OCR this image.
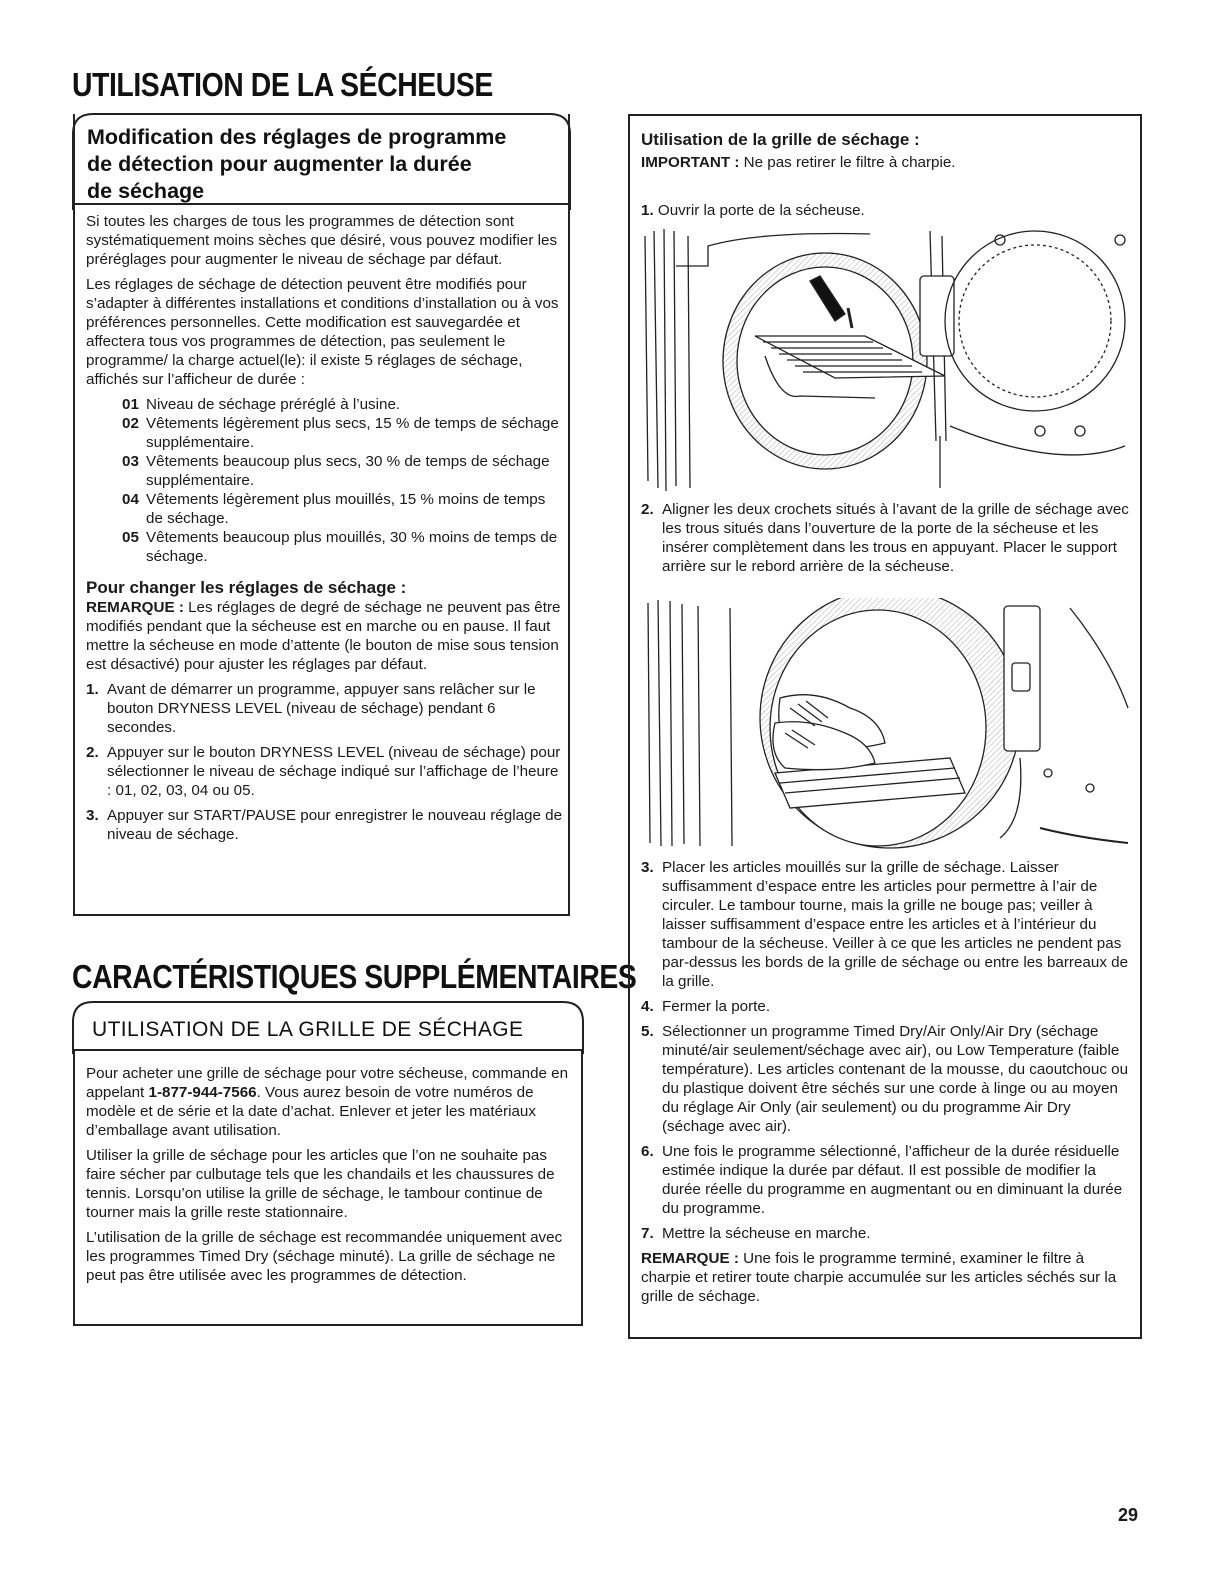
UTILISATION DE LA SÉCHEUSE
Modification des réglages de programme
de détection pour augmenter la durée
de séchage

Si toutes les charges de tous les programmes de détection sont systématiquement moins sèches que désiré, vous pouvez modifier les préréglages pour augmenter le niveau de séchage par défaut.

Les réglages de séchage de détection peuvent être modifiés pour s’adapter à différentes installations et conditions d’installation ou à vos préférences personnelles. Cette modification est sauvegardée et affectera tous vos programmes de détection, pas seulement le programme/ la charge actuel(le): il existe 5 réglages de séchage, affichés sur l’afficheur de durée :

01 Niveau de séchage préréglé à l’usine.
02 Vêtements légèrement plus secs, 15 % de temps de séchage supplémentaire.
03 Vêtements beaucoup plus secs, 30 % de temps de séchage supplémentaire.
04 Vêtements légèrement plus mouillés, 15 % moins de temps de séchage.
05 Vêtements beaucoup plus mouillés, 30 % moins de temps de séchage.
Pour changer les réglages de séchage :

REMARQUE : Les réglages de degré de séchage ne peuvent pas être modifiés pendant que la sécheuse est en marche ou en pause. Il faut mettre la sécheuse en mode d’attente (le bouton de mise sous tension est désactivé) pour ajuster les réglages par défaut.

1. Avant de démarrer un programme, appuyer sans relâcher sur le bouton DRYNESS LEVEL (niveau de séchage) pendant 6 secondes.
2. Appuyer sur le bouton DRYNESS LEVEL (niveau de séchage) pour sélectionner le niveau de séchage indiqué sur l’affichage de l’heure : 01, 02, 03, 04 ou 05.
3. Appuyer sur START/PAUSE pour enregistrer le nouveau réglage de niveau de séchage.
CARACTÉRISTIQUES SUPPLÉMENTAIRES
UTILISATION DE LA GRILLE DE SÉCHAGE

Pour acheter une grille de séchage pour votre sécheuse, commande en appelant 1-877-944-7566. Vous aurez besoin de votre numéros de modèle et de série et la date d’achat. Enlever et jeter les matériaux d’emballage avant utilisation.

Utiliser la grille de séchage pour les articles que l’on ne souhaite pas faire sécher par culbutage tels que les chandails et les chaussures de tennis. Lorsqu’on utilise la grille de séchage, le tambour continue de tourner mais la grille reste stationnaire.

L’utilisation de la grille de séchage est recommandée uniquement avec les programmes Timed Dry (séchage minuté). La grille de séchage ne peut pas être utilisée avec les programmes de détection.

Utilisation de la grille de séchage :
IMPORTANT : Ne pas retirer le filtre à charpie.
1. Ouvrir la porte de la sécheuse.
2. Aligner les deux crochets situés à l’avant de la grille de séchage avec les trous situés dans l’ouverture de la porte de la sécheuse et les insérer complètement dans les trous en appuyant. Placer le support arrière sur le rebord arrière de la sécheuse.
3. Placer les articles mouillés sur la grille de séchage. Laisser suffisamment d’espace entre les articles pour permettre à l’air de circuler. Le tambour tourne, mais la grille ne bouge pas; veiller à laisser suffisamment d’espace entre les articles et à l’intérieur du tambour de la sécheuse. Veiller à ce que les articles ne pendent pas par-dessus les bords de la grille de séchage ou entre les barreaux de la grille.
4. Fermer la porte.
5. Sélectionner un programme Timed Dry/Air Only/Air Dry (séchage minuté/air seulement/séchage avec air), ou Low Temperature (faible température). Les articles contenant de la mousse, du caoutchouc ou du plastique doivent être séchés sur une corde à linge ou au moyen du réglage Air Only (air seulement) ou du programme Air Dry (séchage avec air).
6. Une fois le programme sélectionné, l’afficheur de la durée résiduelle estimée indique la durée par défaut. Il est possible de modifier la durée réelle du programme en augmentant ou en diminuant la durée du programme.
7. Mettre la sécheuse en marche.

REMARQUE : Une fois le programme terminé, examiner le filtre à charpie et retirer toute charpie accumulée sur les articles séchés sur la grille de séchage.

29
